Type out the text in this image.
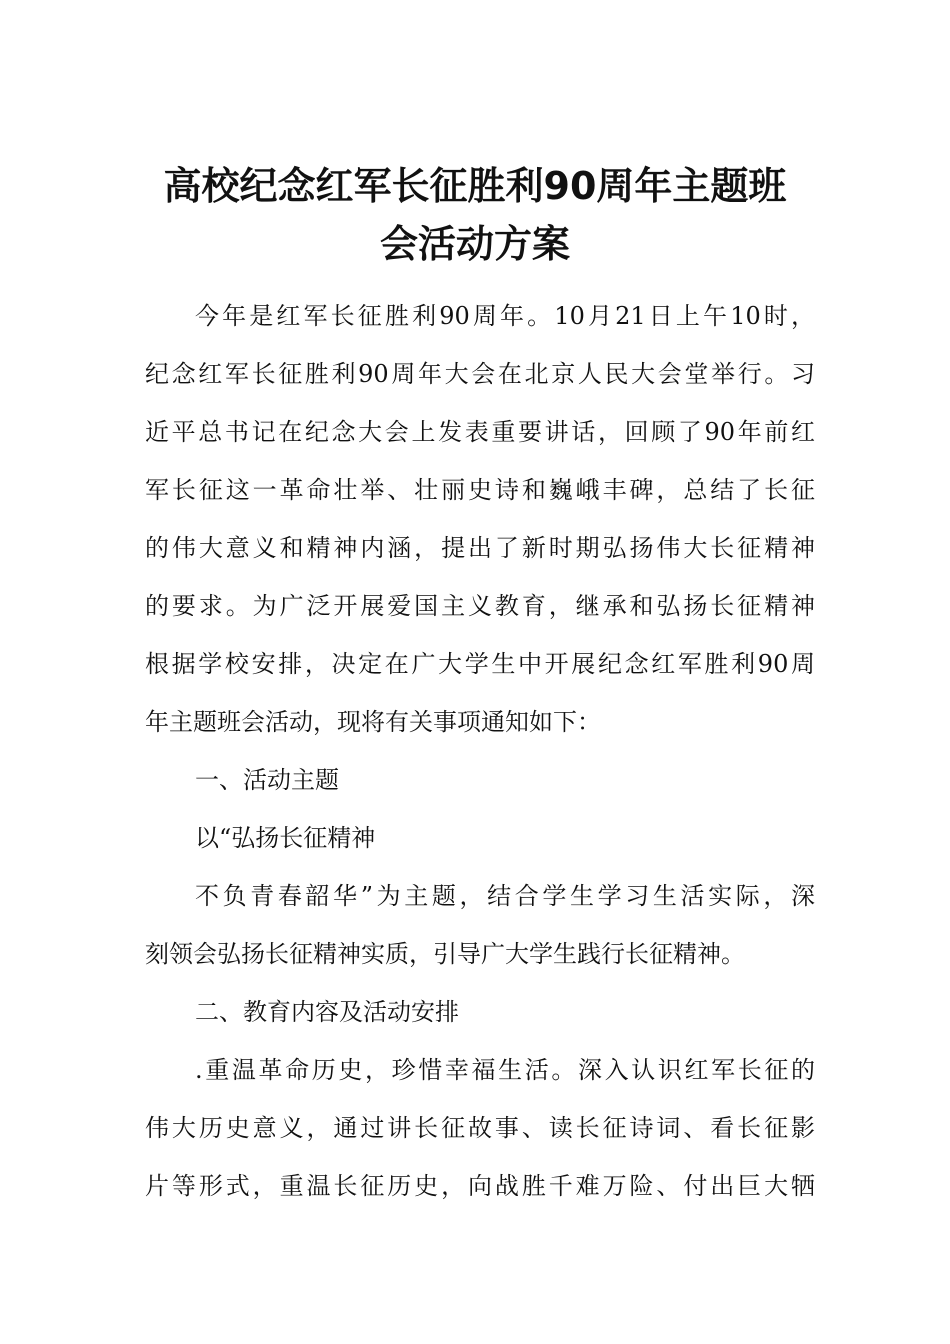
高校纪念红军长征胜利90周年主题班
会活动方案
今年是红军长征胜利90周年。10月21日上午10时，
纪念红军长征胜利90周年大会在北京人民大会堂举行。习
近平总书记在纪念大会上发表重要讲话，回顾了90年前红
军长征这一革命壮举、壮丽史诗和巍峨丰碑，总结了长征
的伟大意义和精神内涵，提出了新时期弘扬伟大长征精神
的要求。为广泛开展爱国主义教育，继承和弘扬长征精神
根据学校安排，决定在广大学生中开展纪念红军胜利90周
年主题班会活动，现将有关事项通知如下：
一、活动主题
以“弘扬长征精神
不负青春韶华”为主题，结合学生学习生活实际，深
刻领会弘扬长征精神实质，引导广大学生践行长征精神。
二、教育内容及活动安排
.重温革命历史，珍惜幸福生活。深入认识红军长征的
伟大历史意义，通过讲长征故事、读长征诗词、看长征影
片等形式，重温长征历史，向战胜千难万险、付出巨大牺
